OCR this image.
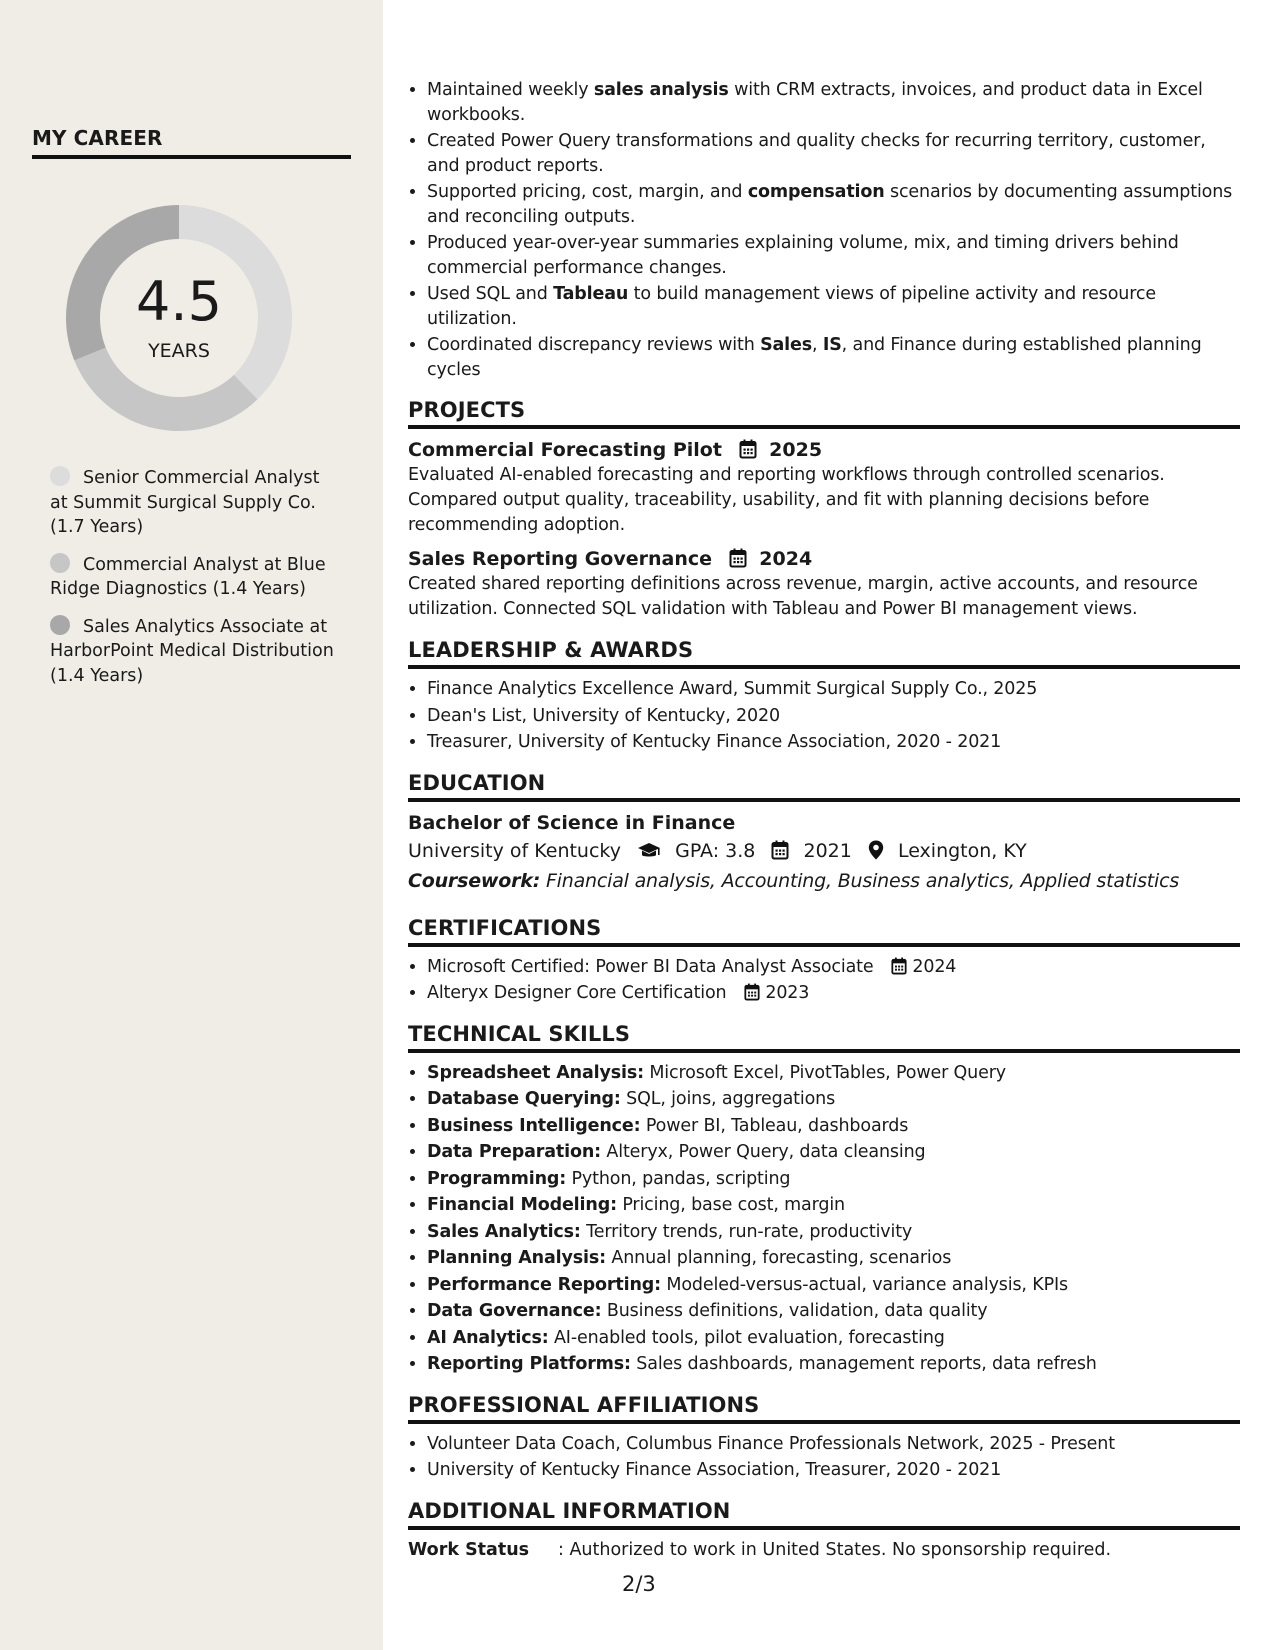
MY CAREER
4.5
YEARS
Senior Commercial Analyst at Summit Surgical Supply Co. (1.7 Years)
Commercial Analyst at Blue Ridge Diagnostics (1.4 Years)
Sales Analytics Associate at HarborPoint Medical Distribution (1.4 Years)
• Maintained weekly sales analysis with CRM extracts, invoices, and product data in Excel workbooks.
• Created Power Query transformations and quality checks for recurring territory, customer, and product reports.
• Supported pricing, cost, margin, and compensation scenarios by documenting assumptions and reconciling outputs.
• Produced year-over-year summaries explaining volume, mix, and timing drivers behind commercial performance changes.
• Used SQL and Tableau to build management views of pipeline activity and resource utilization.
• Coordinated discrepancy reviews with Sales, IS, and Finance during established planning cycles
PROJECTS
Commercial Forecasting Pilot 2025
Evaluated AI-enabled forecasting and reporting workflows through controlled scenarios. Compared output quality, traceability, usability, and fit with planning decisions before recommending adoption.
Sales Reporting Governance 2024
Created shared reporting definitions across revenue, margin, active accounts, and resource utilization. Connected SQL validation with Tableau and Power BI management views.
LEADERSHIP & AWARDS
• Finance Analytics Excellence Award, Summit Surgical Supply Co., 2025
• Dean's List, University of Kentucky, 2020
• Treasurer, University of Kentucky Finance Association, 2020 - 2021
EDUCATION
Bachelor of Science in Finance
University of Kentucky	GPA: 3.8	2021 Lexington, KY
Coursework: Financial analysis, Accounting, Business analytics, Applied statistics
CERTIFICATIONS
• Microsoft Certified: Power BI Data Analyst Associate 2024
• Alteryx Designer Core Certification 2023
TECHNICAL SKILLS
• Spreadsheet Analysis: Microsoft Excel, PivotTables, Power Query
• Database Querying: SQL, joins, aggregations
• Business Intelligence: Power BI, Tableau, dashboards
• Data Preparation: Alteryx, Power Query, data cleansing
• Programming: Python, pandas, scripting
• Financial Modeling: Pricing, base cost, margin
• Sales Analytics: Territory trends, run-rate, productivity
• Planning Analysis: Annual planning, forecasting, scenarios
• Performance Reporting: Modeled-versus-actual, variance analysis, KPIs
• Data Governance: Business definitions, validation, data quality
• AI Analytics: AI-enabled tools, pilot evaluation, forecasting
• Reporting Platforms: Sales dashboards, management reports, data refresh
PROFESSIONAL AFFILIATIONS
• Volunteer Data Coach, Columbus Finance Professionals Network, 2025 - Present
• University of Kentucky Finance Association, Treasurer, 2020 - 2021
ADDITIONAL INFORMATION
Work Status : Authorized to work in United States. No sponsorship required.
2/3
